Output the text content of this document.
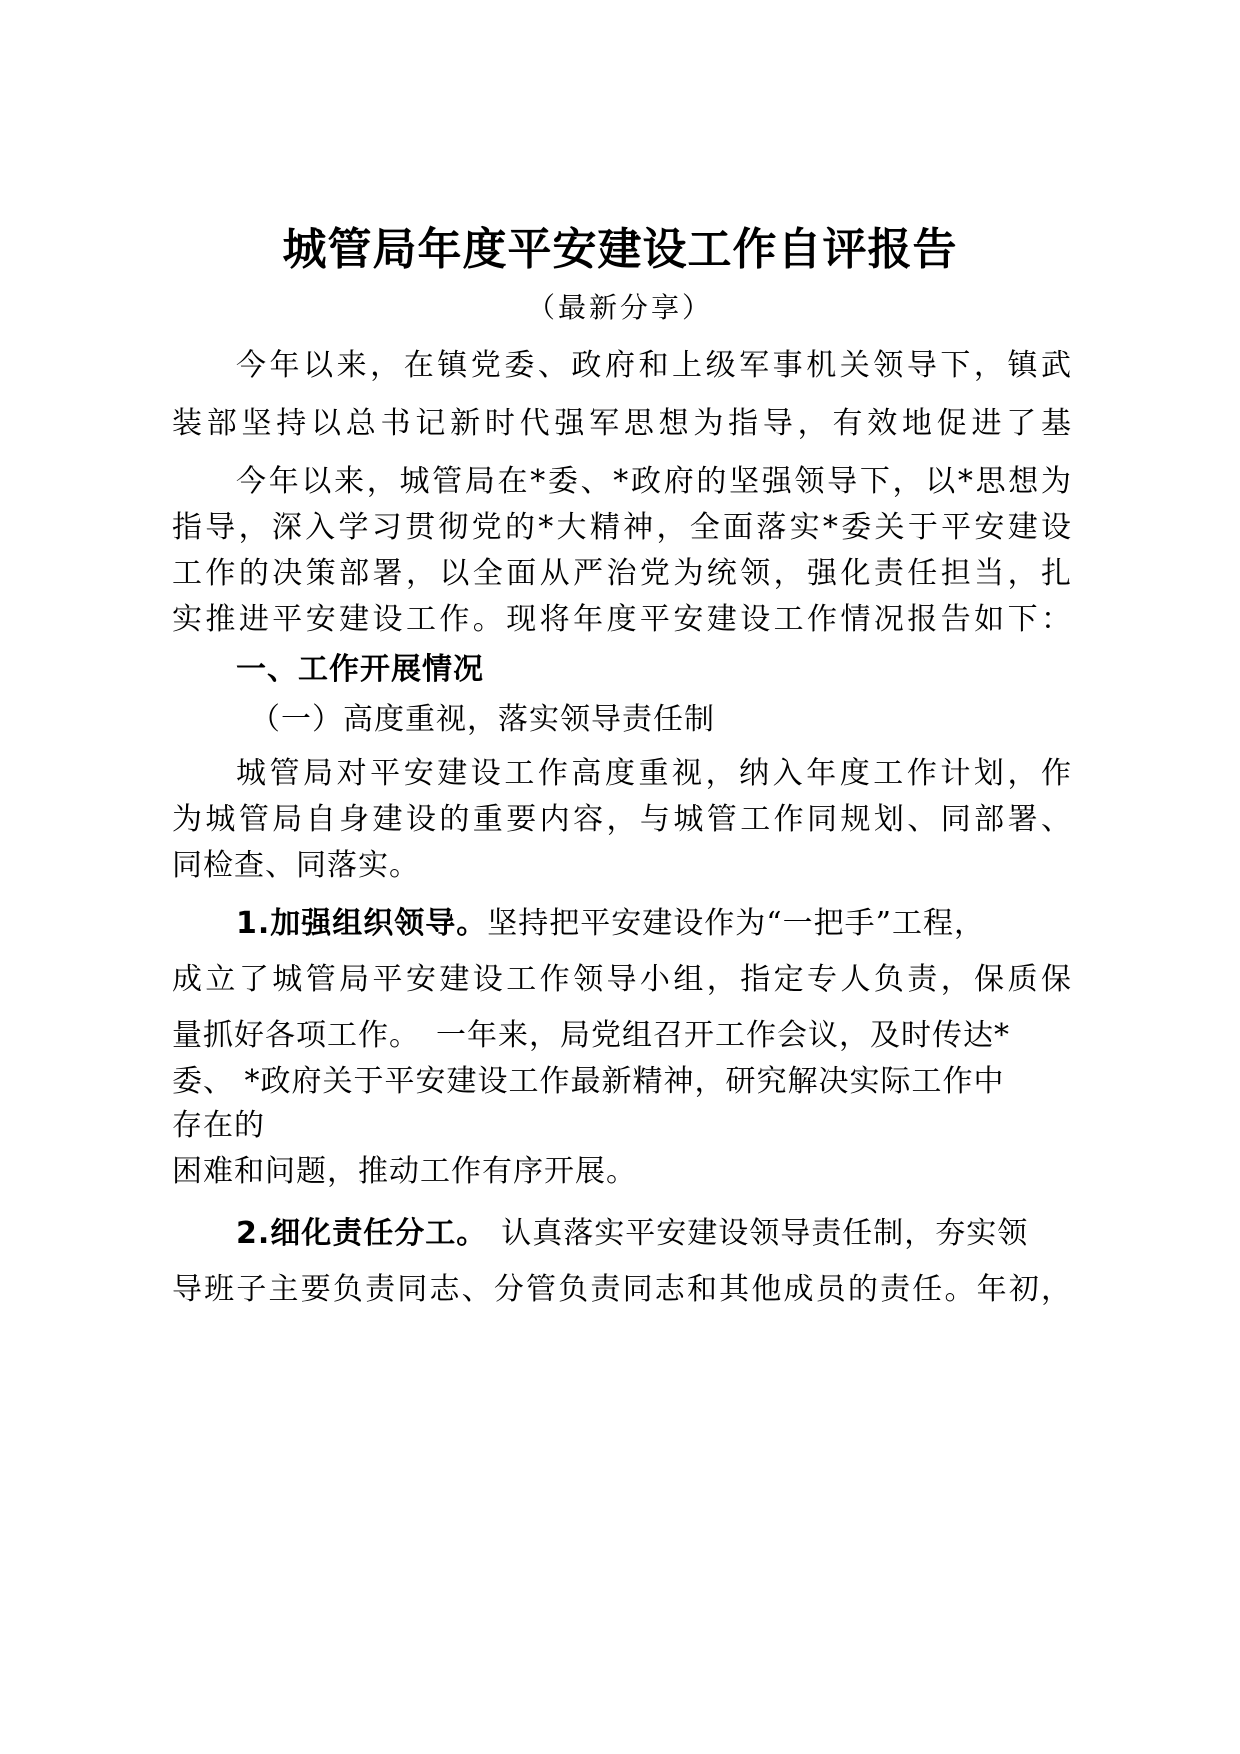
城管局年度平安建设工作自评报告
（最新分享）
今年以来，在镇党委、政府和上级军事机关领导下，镇武
装部坚持以总书记新时代强军思想为指导，有效地促进了基
今年以来，城管局在*委、*政府的坚强领导下，以*思想为
指导，深入学习贯彻党的*大精神，全面落实*委关于平安建设
工作的决策部署，以全面从严治党为统领，强化责任担当，扎
实推进平安建设工作。现将年度平安建设工作情况报告如下：
一、工作开展情况
（一）高度重视，落实领导责任制
城管局对平安建设工作高度重视，纳入年度工作计划，作
为城管局自身建设的重要内容，与城管工作同规划、同部署、
同检查、同落实。
1.加强组织领导。坚持把平安建设作为“一把手”工程，
成立了城管局平安建设工作领导小组，指定专人负责，保质保
量抓好各项工作。　一年来，局党组召开工作会议，及时传达*
委、 *政府关于平安建设工作最新精神，研究解决实际工作中
存在的
困难和问题，推动工作有序开展。
2.细化责任分工。 认真落实平安建设领导责任制，夯实领
导班子主要负责同志、分管负责同志和其他成员的责任。年初，
